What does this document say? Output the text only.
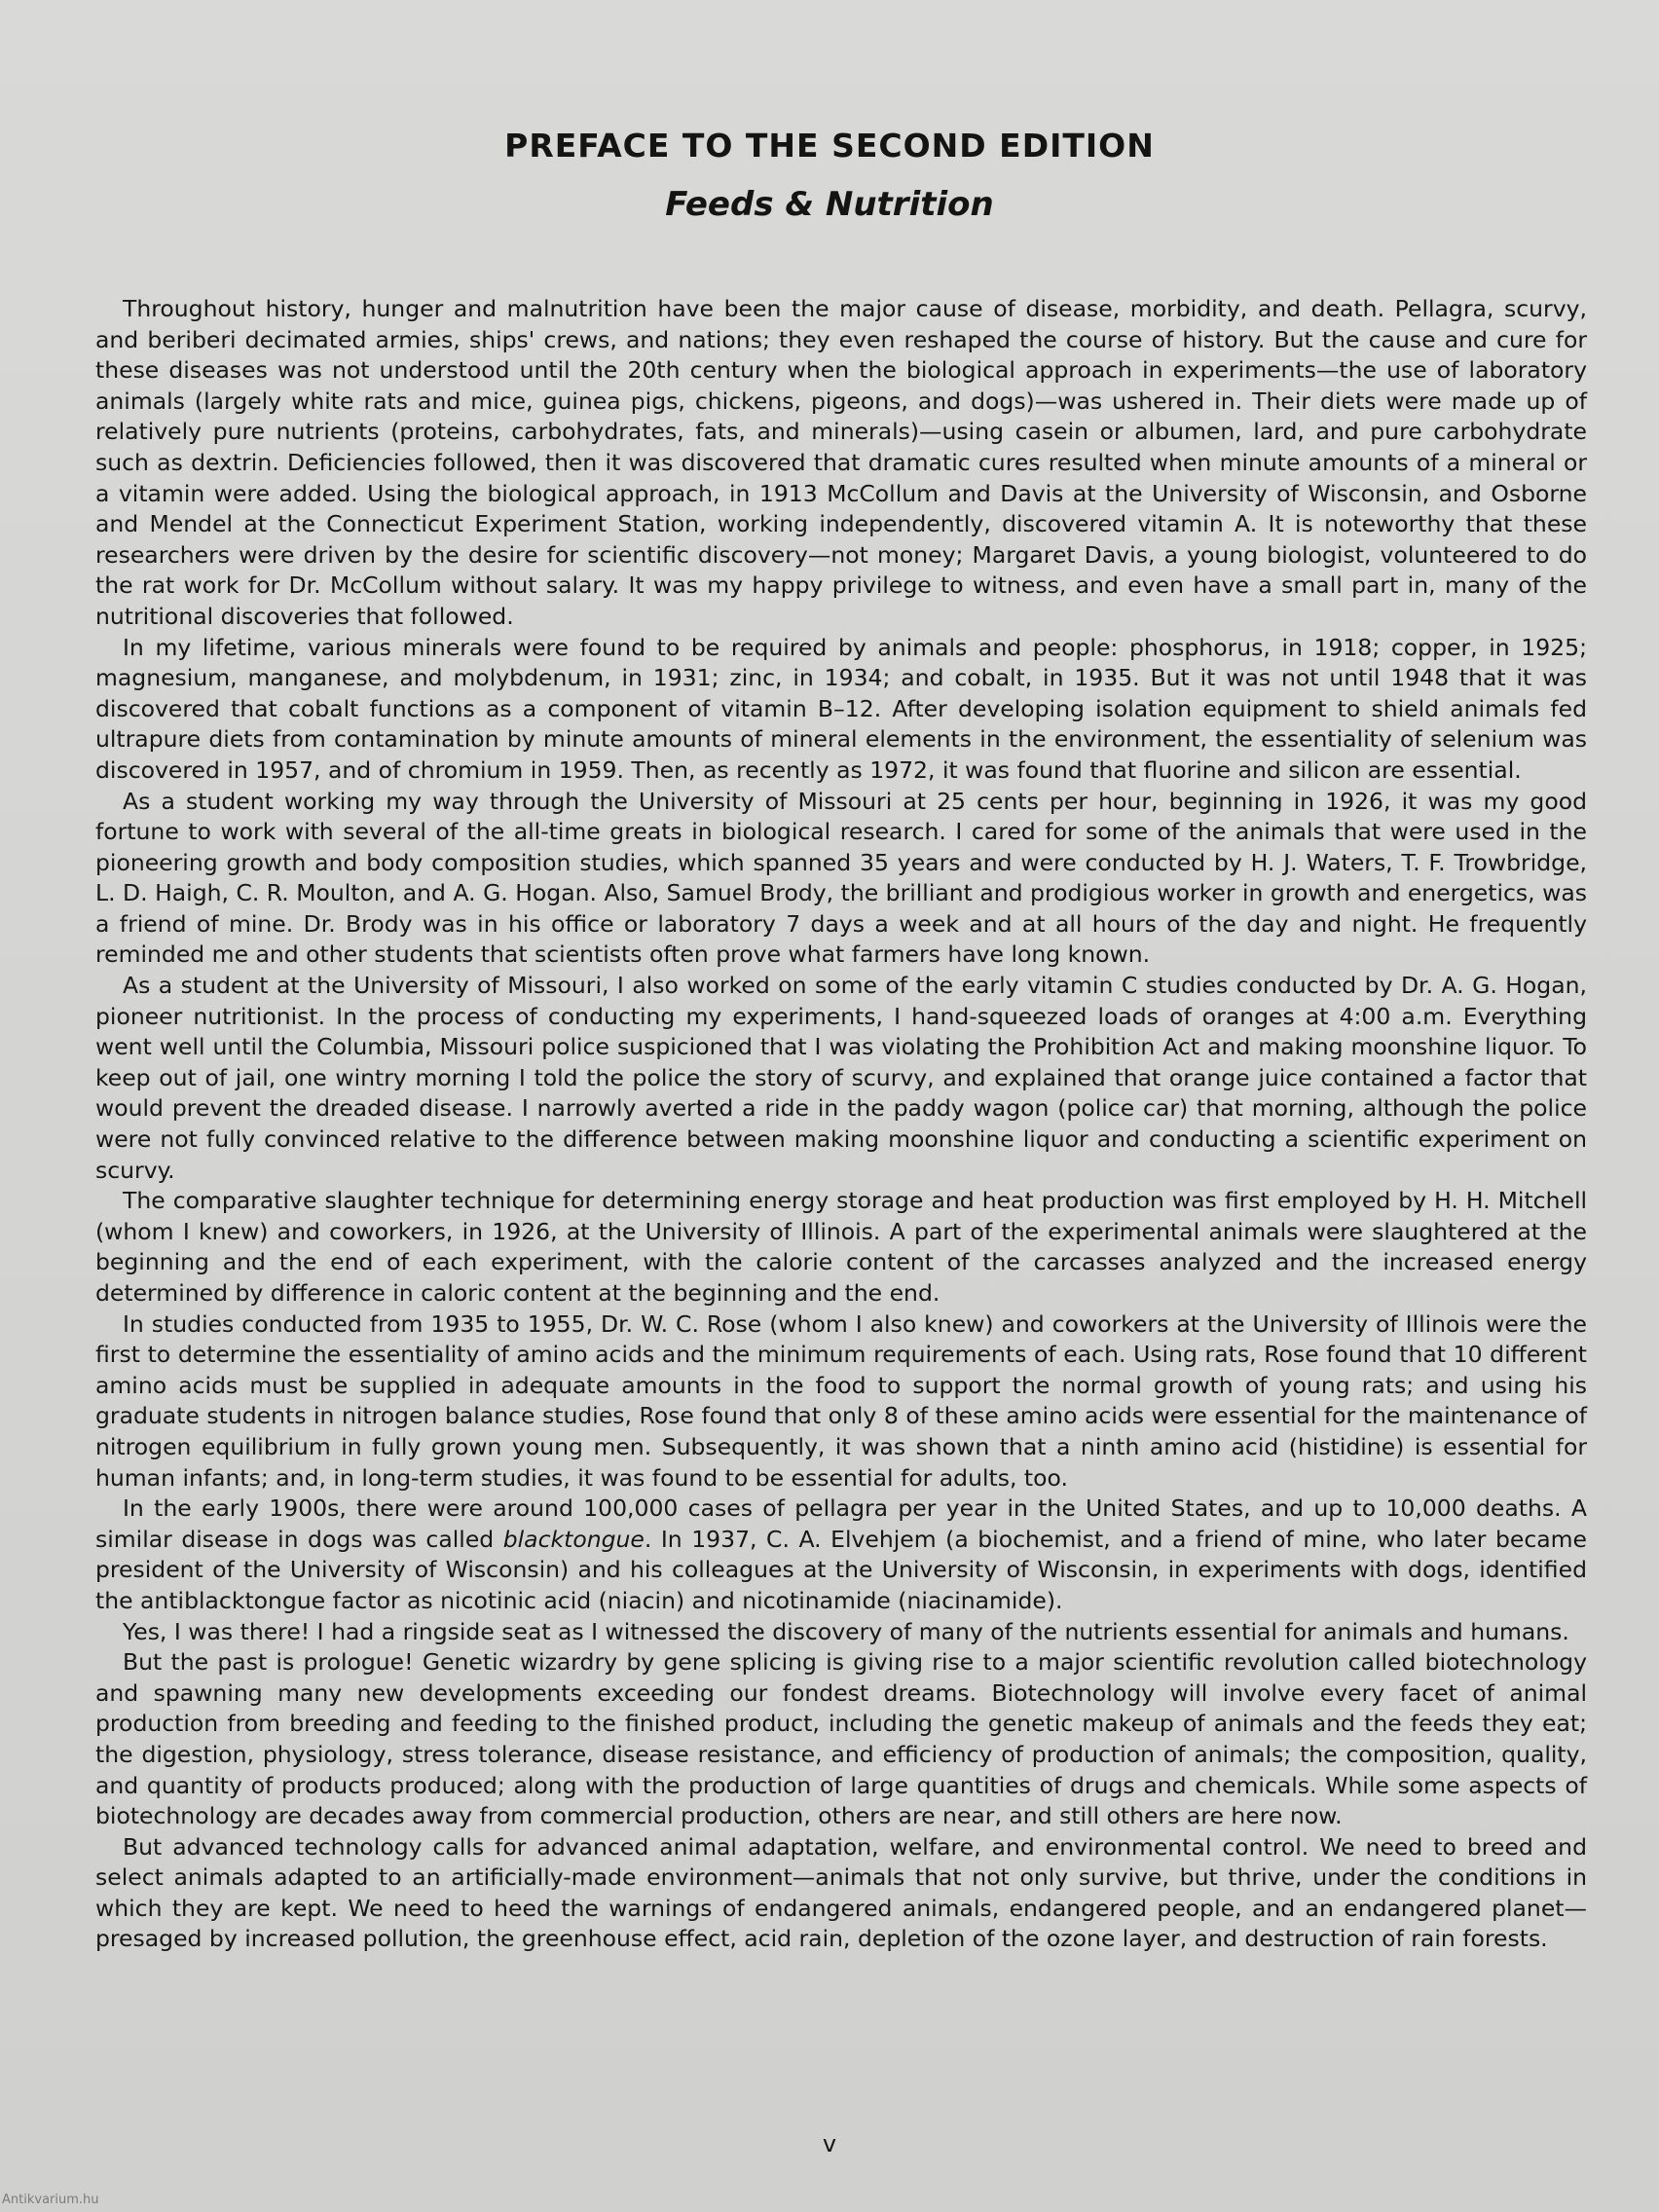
PREFACE TO THE SECOND EDITION
Feeds & Nutrition

Throughout history, hunger and malnutrition have been the major cause of disease, morbidity, and death. Pellagra, scurvy, and beriberi decimated armies, ships' crews, and nations; they even reshaped the course of history. But the cause and cure for these diseases was not understood until the 20th century when the biological approach in experiments—the use of laboratory animals (largely white rats and mice, guinea pigs, chickens, pigeons, and dogs)—was ushered in. Their diets were made up of relatively pure nutrients (proteins, carbohydrates, fats, and minerals)—using casein or albumen, lard, and pure carbohydrate such as dextrin. Deficiencies followed, then it was discovered that dramatic cures resulted when minute amounts of a mineral or a vitamin were added. Using the biological approach, in 1913 McCollum and Davis at the University of Wisconsin, and Osborne and Mendel at the Connecticut Experiment Station, working independently, discovered vitamin A. It is noteworthy that these researchers were driven by the desire for scientific discovery—not money; Margaret Davis, a young biologist, volunteered to do the rat work for Dr. McCollum without salary. It was my happy privilege to witness, and even have a small part in, many of the nutritional discoveries that followed.

In my lifetime, various minerals were found to be required by animals and people: phosphorus, in 1918; copper, in 1925; magnesium, manganese, and molybdenum, in 1931; zinc, in 1934; and cobalt, in 1935. But it was not until 1948 that it was discovered that cobalt functions as a component of vitamin B–12. After developing isolation equipment to shield animals fed ultrapure diets from contamination by minute amounts of mineral elements in the environment, the essentiality of selenium was discovered in 1957, and of chromium in 1959. Then, as recently as 1972, it was found that fluorine and silicon are essential.

As a student working my way through the University of Missouri at 25 cents per hour, beginning in 1926, it was my good fortune to work with several of the all-time greats in biological research. I cared for some of the animals that were used in the pioneering growth and body composition studies, which spanned 35 years and were conducted by H. J. Waters, T. F. Trowbridge, L. D. Haigh, C. R. Moulton, and A. G. Hogan. Also, Samuel Brody, the brilliant and prodigious worker in growth and energetics, was a friend of mine. Dr. Brody was in his office or laboratory 7 days a week and at all hours of the day and night. He frequently reminded me and other students that scientists often prove what farmers have long known.

As a student at the University of Missouri, I also worked on some of the early vitamin C studies conducted by Dr. A. G. Hogan, pioneer nutritionist. In the process of conducting my experiments, I hand-squeezed loads of oranges at 4:00 a.m. Everything went well until the Columbia, Missouri police suspicioned that I was violating the Prohibition Act and making moonshine liquor. To keep out of jail, one wintry morning I told the police the story of scurvy, and explained that orange juice contained a factor that would prevent the dreaded disease. I narrowly averted a ride in the paddy wagon (police car) that morning, although the police were not fully convinced relative to the difference between making moonshine liquor and conducting a scientific experiment on scurvy.

The comparative slaughter technique for determining energy storage and heat production was first employed by H. H. Mitchell (whom I knew) and coworkers, in 1926, at the University of Illinois. A part of the experimental animals were slaughtered at the beginning and the end of each experiment, with the calorie content of the carcasses analyzed and the increased energy determined by difference in caloric content at the beginning and the end.

In studies conducted from 1935 to 1955, Dr. W. C. Rose (whom I also knew) and coworkers at the University of Illinois were the first to determine the essentiality of amino acids and the minimum requirements of each. Using rats, Rose found that 10 different amino acids must be supplied in adequate amounts in the food to support the normal growth of young rats; and using his graduate students in nitrogen balance studies, Rose found that only 8 of these amino acids were essential for the maintenance of nitrogen equilibrium in fully grown young men. Subsequently, it was shown that a ninth amino acid (histidine) is essential for human infants; and, in long-term studies, it was found to be essential for adults, too.

In the early 1900s, there were around 100,000 cases of pellagra per year in the United States, and up to 10,000 deaths. A similar disease in dogs was called blacktongue. In 1937, C. A. Elvehjem (a biochemist, and a friend of mine, who later became president of the University of Wisconsin) and his colleagues at the University of Wisconsin, in experiments with dogs, identified the antiblacktongue factor as nicotinic acid (niacin) and nicotinamide (niacinamide).

Yes, I was there! I had a ringside seat as I witnessed the discovery of many of the nutrients essential for animals and humans.

But the past is prologue! Genetic wizardry by gene splicing is giving rise to a major scientific revolution called biotechnology and spawning many new developments exceeding our fondest dreams. Biotechnology will involve every facet of animal production from breeding and feeding to the finished product, including the genetic makeup of animals and the feeds they eat; the digestion, physiology, stress tolerance, disease resistance, and efficiency of production of animals; the composition, quality, and quantity of products produced; along with the production of large quantities of drugs and chemicals. While some aspects of biotechnology are decades away from commercial production, others are near, and still others are here now.

But advanced technology calls for advanced animal adaptation, welfare, and environmental control. We need to breed and select animals adapted to an artificially-made environment—animals that not only survive, but thrive, under the conditions in which they are kept. We need to heed the warnings of endangered animals, endangered people, and an endangered planet—presaged by increased pollution, the greenhouse effect, acid rain, depletion of the ozone layer, and destruction of rain forests.

v
Antikvarium.hu
